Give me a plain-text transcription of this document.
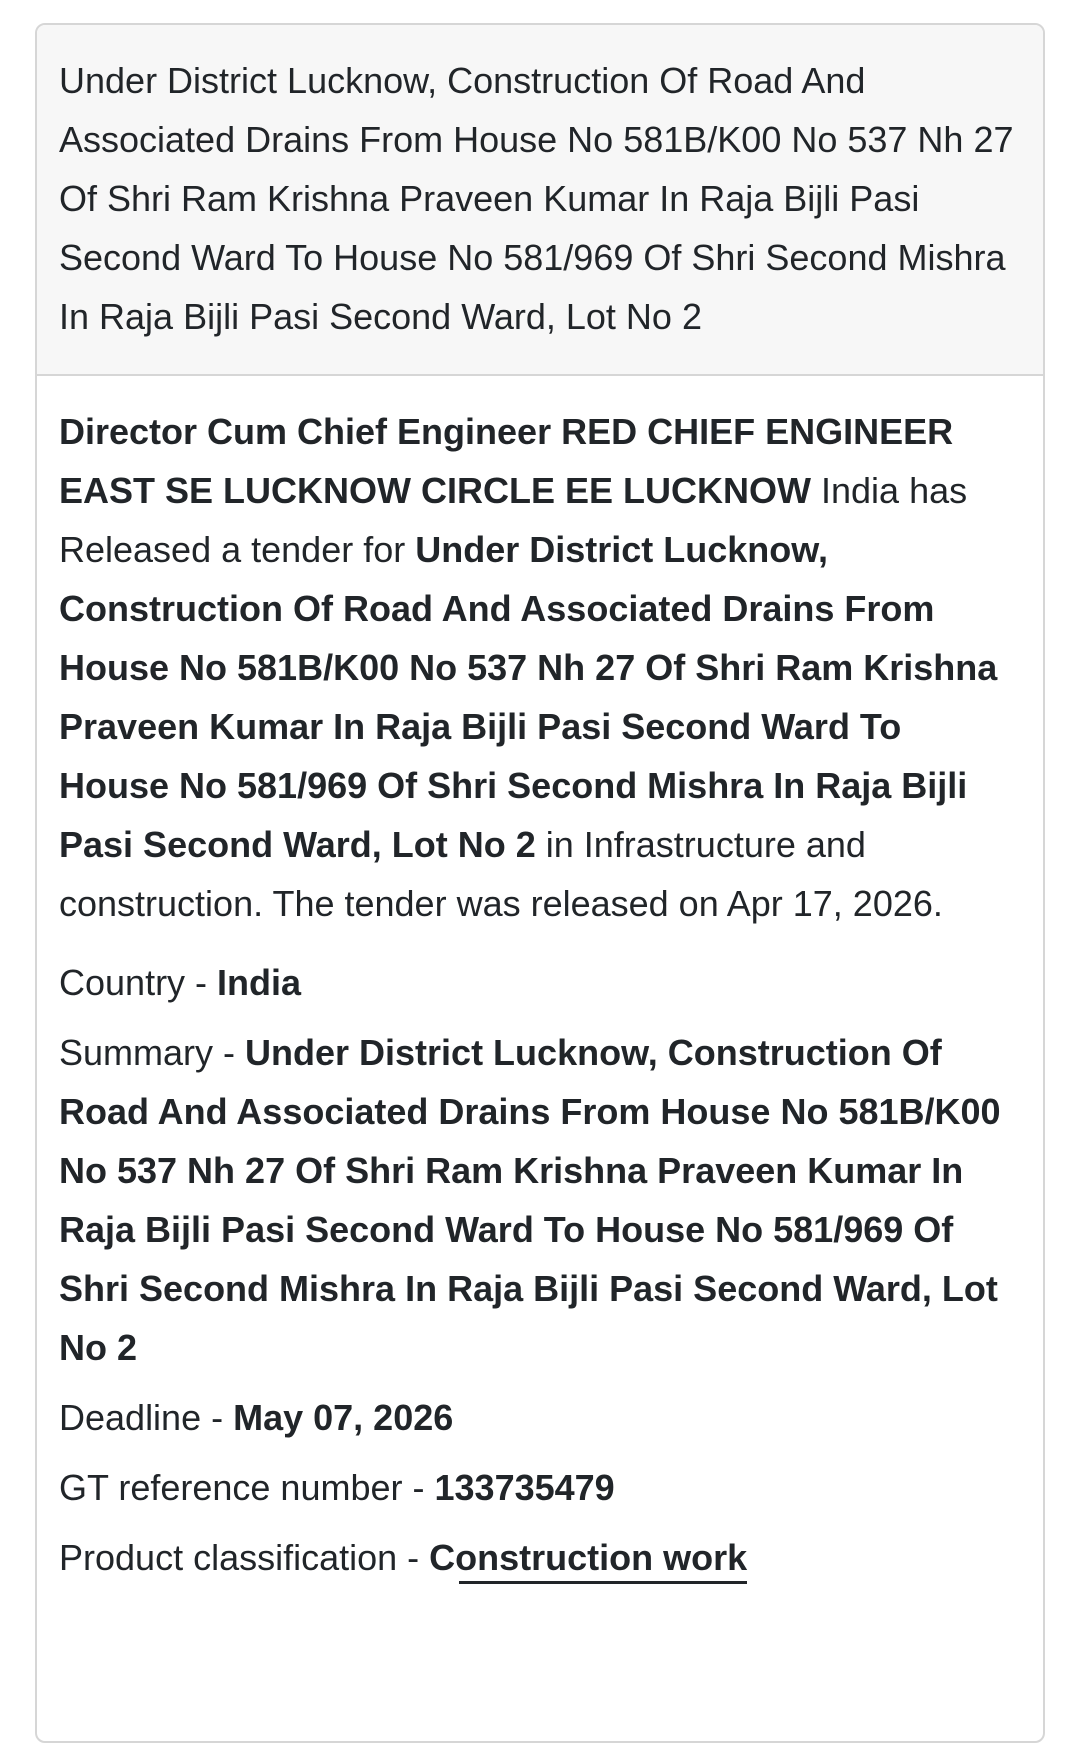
Under District Lucknow, Construction Of Road And Associated Drains From House No 581B/K00 No 537 Nh 27 Of Shri Ram Krishna Praveen Kumar In Raja Bijli Pasi Second Ward To House No 581/969 Of Shri Second Mishra In Raja Bijli Pasi Second Ward, Lot No 2

Director Cum Chief Engineer RED CHIEF ENGINEER EAST SE LUCKNOW CIRCLE EE LUCKNOW India has Released a tender for Under District Lucknow, Construction Of Road And Associated Drains From House No 581B/K00 No 537 Nh 27 Of Shri Ram Krishna Praveen Kumar In Raja Bijli Pasi Second Ward To House No 581/969 Of Shri Second Mishra In Raja Bijli Pasi Second Ward, Lot No 2 in Infrastructure and construction. The tender was released on Apr 17, 2026.

Country - India
Summary - Under District Lucknow, Construction Of Road And Associated Drains From House No 581B/K00 No 537 Nh 27 Of Shri Ram Krishna Praveen Kumar In Raja Bijli Pasi Second Ward To House No 581/969 Of Shri Second Mishra In Raja Bijli Pasi Second Ward, Lot No 2
Deadline - May 07, 2026
GT reference number - 133735479
Product classification - Construction work
